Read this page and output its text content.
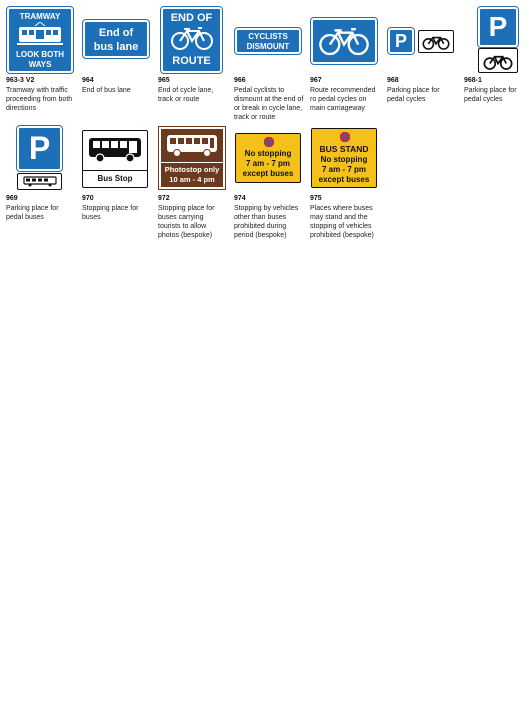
TRAMWAY
LOOK BOTH
WAYS
963-3 V2
Tramway with traffic proceeding from both directions
End of
bus lane
964
End of bus lane
END OF
ROUTE
965
End of cycle lane, track or route
CYCLISTS
DISMOUNT
966
Pedal cyclists to dismount at the end of or break in cycle lane, track or route
967
Route recommended ro pedal cycles on main carriageway
P
968
Parking place for pedal cycles
P
968-1
Parking place for pedal cycles
P
969
Parking place for pedal buses
Bus Stop
970
Stopping place for buses
Photostop only
10 am - 4 pm
972
Stopping place for buses carrying tourists to allow photos (bespoke)
No stopping
7 am - 7 pm
except buses
974
Stopping by vehicles other than buses prohibited during period (bespoke)
BUS STAND
No stopping
7 am - 7 pm
except buses
975
Places where buses may stand and the stopping of vehicles prohibited (bespoke)
